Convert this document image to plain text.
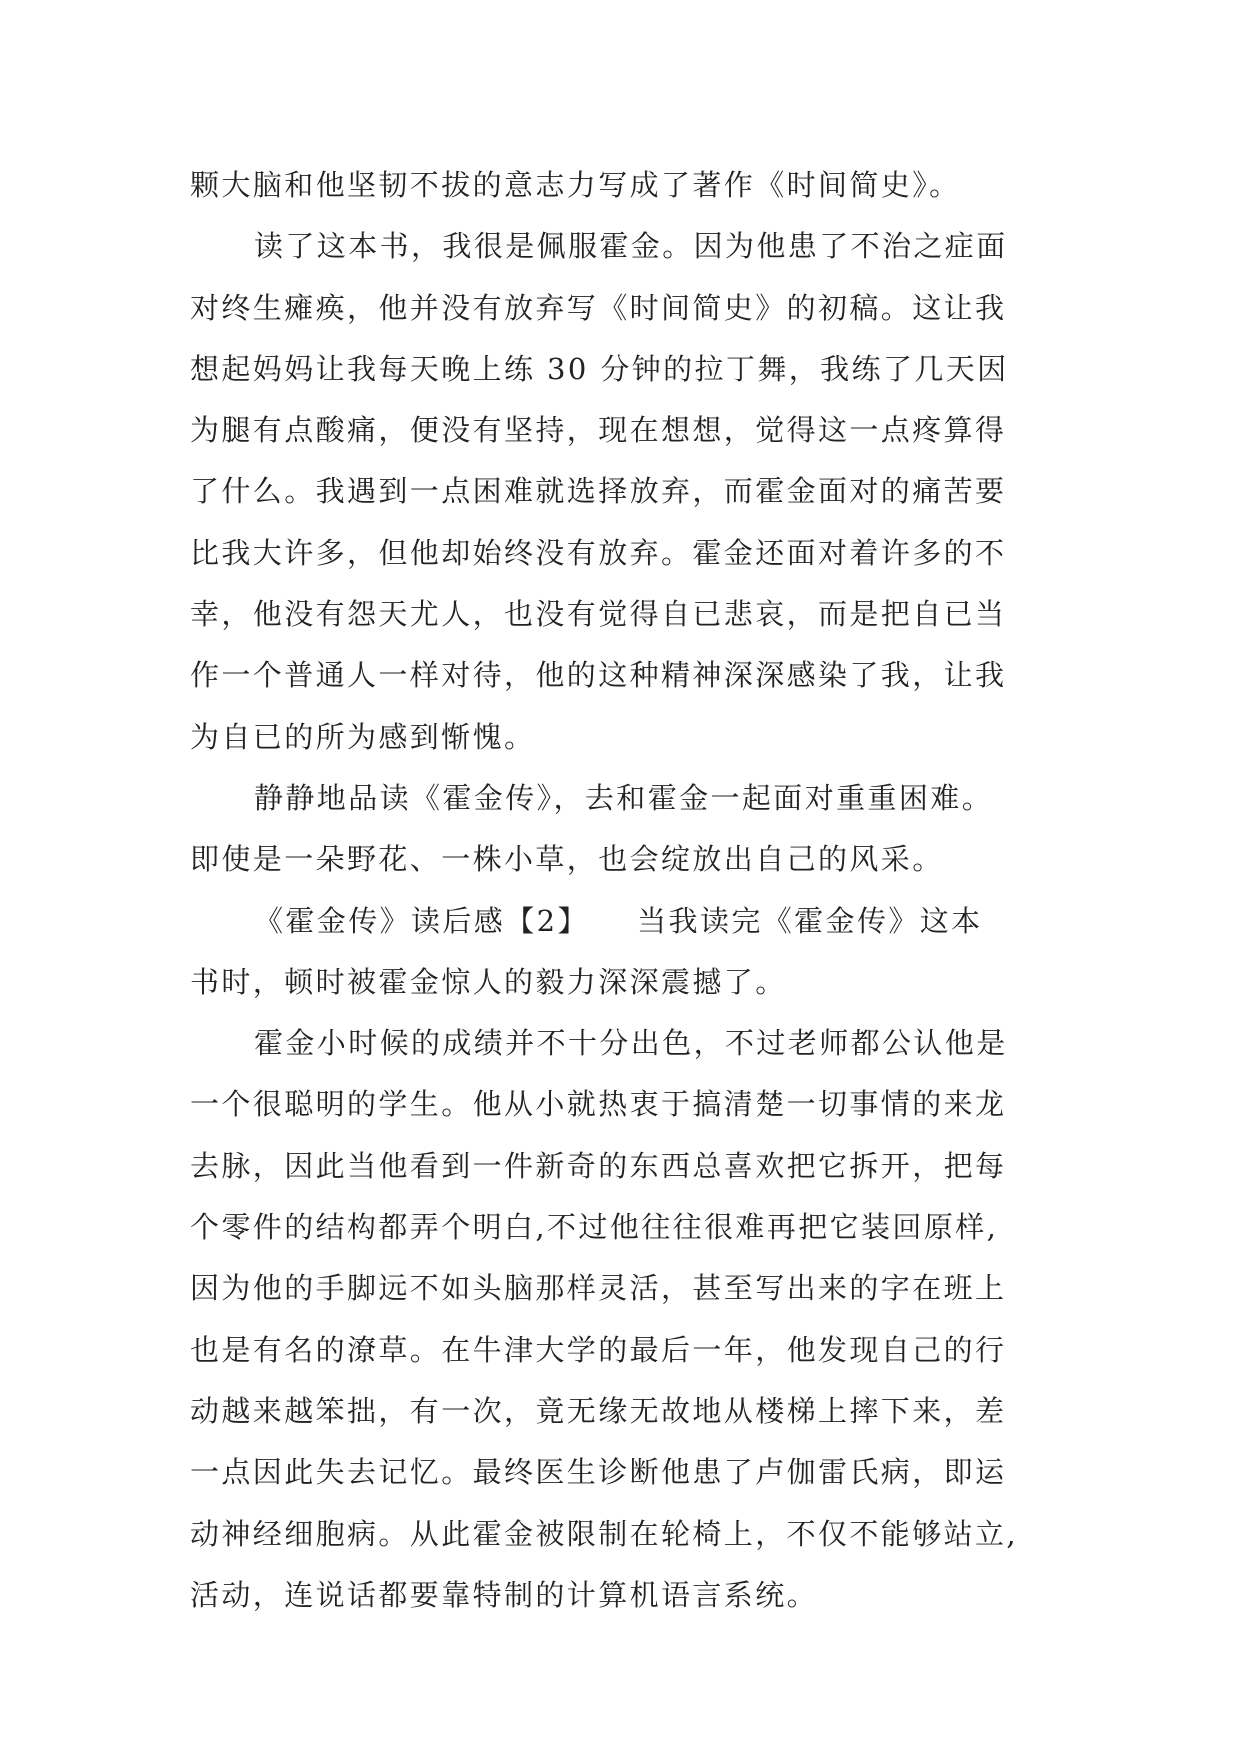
颗大脑和他坚韧不拔的意志力写成了著作《时间简史》。
读了这本书，我很是佩服霍金。因为他患了不治之症面
对终生瘫痪，他并没有放弃写《时间简史》的初稿。这让我
想起妈妈让我每天晚上练 30 分钟的拉丁舞，我练了几天因
为腿有点酸痛，便没有坚持，现在想想，觉得这一点疼算得
了什么。我遇到一点困难就选择放弃，而霍金面对的痛苦要
比我大许多，但他却始终没有放弃。霍金还面对着许多的不
幸，他没有怨天尤人，也没有觉得自已悲哀，而是把自已当
作一个普通人一样对待，他的这种精神深深感染了我，让我
为自已的所为感到惭愧。
静静地品读《霍金传》，去和霍金一起面对重重困难。
即使是一朵野花、一株小草，也会绽放出自己的风采。
《霍金传》读后感【2】　　当我读完《霍金传》这本
书时，顿时被霍金惊人的毅力深深震撼了。
霍金小时候的成绩并不十分出色，不过老师都公认他是
一个很聪明的学生。他从小就热衷于搞清楚一切事情的来龙
去脉，因此当他看到一件新奇的东西总喜欢把它拆开，把每
个零件的结构都弄个明白,不过他往往很难再把它装回原样,
因为他的手脚远不如头脑那样灵活，甚至写出来的字在班上
也是有名的潦草。在牛津大学的最后一年，他发现自己的行
动越来越笨拙，有一次，竟无缘无故地从楼梯上摔下来，差
一点因此失去记忆。最终医生诊断他患了卢伽雷氏病，即运
动神经细胞病。从此霍金被限制在轮椅上，不仅不能够站立,
活动，连说话都要靠特制的计算机语言系统。
